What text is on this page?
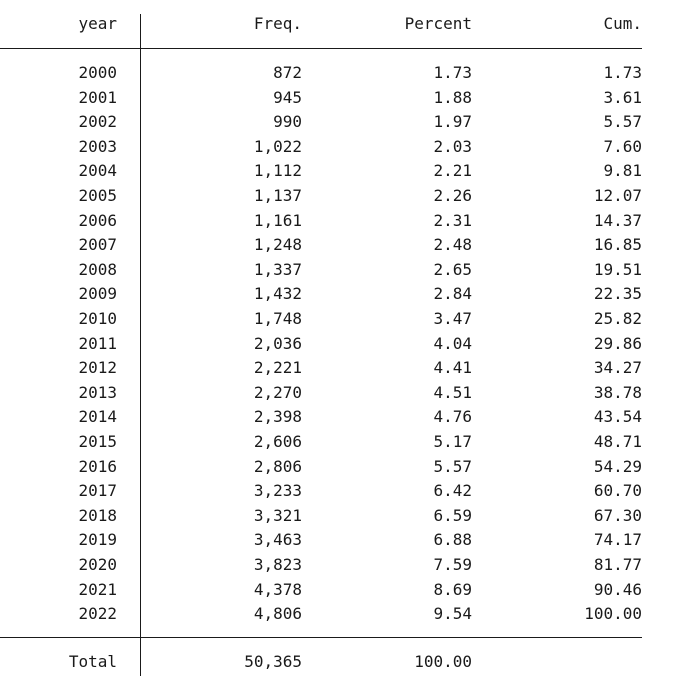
year	Freq.	Percent	Cum.
2000	872	1.73	1.73
2001	945	1.88	3.61
2002	990	1.97	5.57
2003	1,022	2.03	7.60
2004	1,112	2.21	9.81
2005	1,137	2.26	12.07
2006	1,161	2.31	14.37
2007	1,248	2.48	16.85
2008	1,337	2.65	19.51
2009	1,432	2.84	22.35
2010	1,748	3.47	25.82
2011	2,036	4.04	29.86
2012	2,221	4.41	34.27
2013	2,270	4.51	38.78
2014	2,398	4.76	43.54
2015	2,606	5.17	48.71
2016	2,806	5.57	54.29
2017	3,233	6.42	60.70
2018	3,321	6.59	67.30
2019	3,463	6.88	74.17
2020	3,823	7.59	81.77
2021	4,378	8.69	90.46
2022	4,806	9.54	100.00
Total	50,365	100.00
